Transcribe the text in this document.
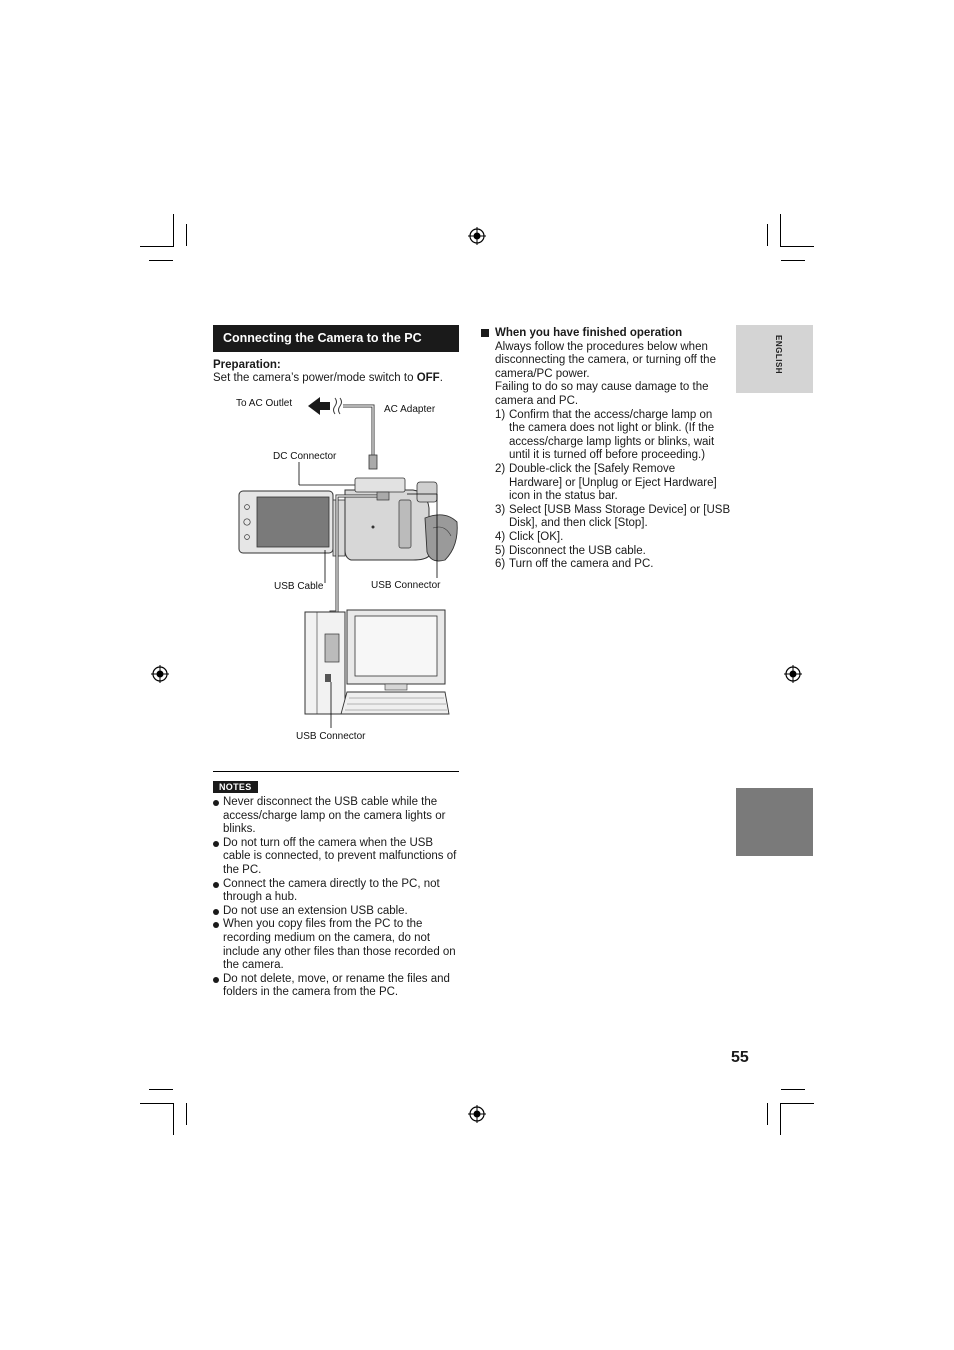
Connecting the Camera to the PC
Preparation:
Set the camera’s power/mode switch to OFF.
To AC Outlet
AC Adapter
DC Connector
USB Cable	USB Connector
USB Connector
NOTES
Never disconnect the USB cable while the access/charge lamp on the camera lights or blinks.
Do not turn off the camera when the USB cable is connected, to prevent malfunctions of the PC.
Connect the camera directly to the PC, not through a hub.
Do not use an extension USB cable.
When you copy files from the PC to the recording medium on the camera, do not include any other files than those recorded on the camera.
Do not delete, move, or rename the files and folders in the camera from the PC.
When you have finished operation
Always follow the procedures below when disconnecting the camera, or turning off the camera/PC power.
Failing to do so may cause damage to the camera and PC.
1) Confirm that the access/charge lamp on the camera does not light or blink. (If the access/charge lamp lights or blinks, wait until it is turned off before proceeding.)
2) Double-click the [Safely Remove Hardware] or [Unplug or Eject Hardware] icon in the status bar.
3) Select [USB Mass Storage Device] or [USB Disk], and then click [Stop].
4) Click [OK].
5) Disconnect the USB cable.
6) Turn off the camera and PC.
ENGLISH
55
